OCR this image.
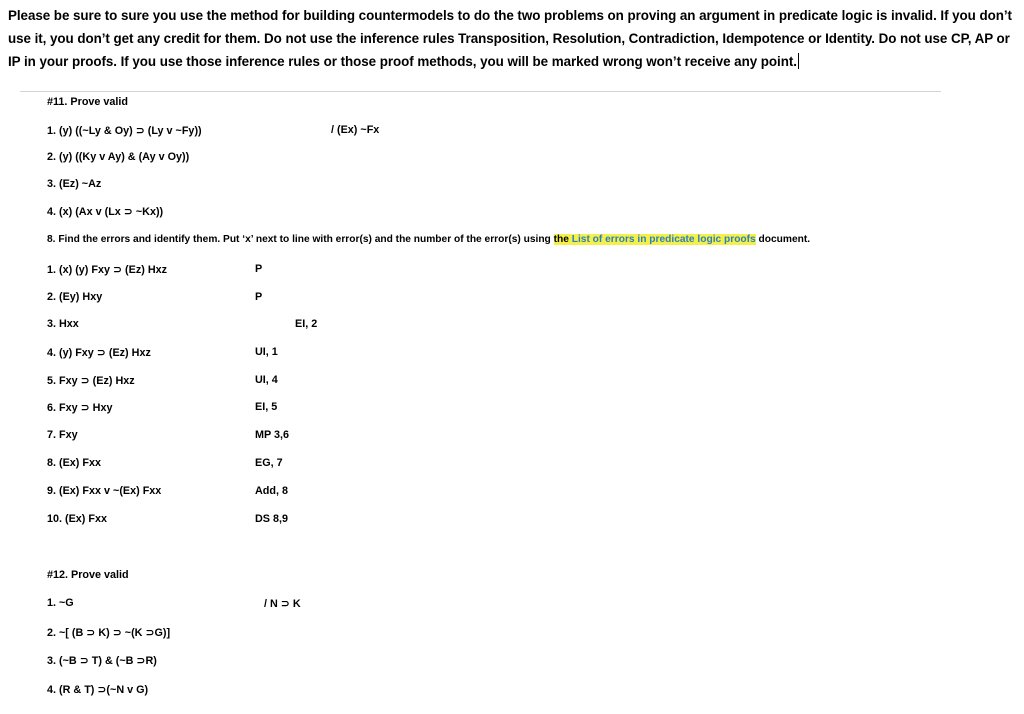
Please be sure to sure you use the method for building countermodels to do the two problems on proving an argument in predicate logic is invalid. If you don’t use it, you don’t get any credit for them. Do not use the inference rules Transposition, Resolution, Contradiction, Idempotence or Identity. Do not use CP, AP or IP in your proofs. If you use those inference rules or those proof methods, you will be marked wrong won’t receive any point.
#11. Prove valid
1. (y) ((~Ly & Oy) ⊃ (Ly v ~Fy))	/ (Ex) ~Fx
2. (y) ((Ky v Ay) & (Ay v Oy))
3. (Ez) ~Az
4. (x) (Ax v (Lx ⊃ ~Kx))
8. Find the errors and identify them. Put ‘x’ next to line with error(s) and the number of the error(s) using the List of errors in predicate logic proofs document.
1. (x) (y) Fxy ⊃ (Ez) Hxz	P
2. (Ey) Hxy	P
3. Hxx	EI, 2
4. (y) Fxy ⊃ (Ez) Hxz	UI, 1
5. Fxy ⊃ (Ez) Hxz	UI, 4
6. Fxy ⊃ Hxy	EI, 5
7. Fxy	MP 3,6
8. (Ex) Fxx	EG, 7
9. (Ex) Fxx v ~(Ex) Fxx	Add, 8
10. (Ex) Fxx	DS 8,9
#12. Prove valid
1. ~G	/ N ⊃ K
2. ~[ (B ⊃ K) ⊃ ~(K ⊃G)]
3. (~B ⊃ T) & (~B ⊃R)
4. (R & T) ⊃(~N v G)
